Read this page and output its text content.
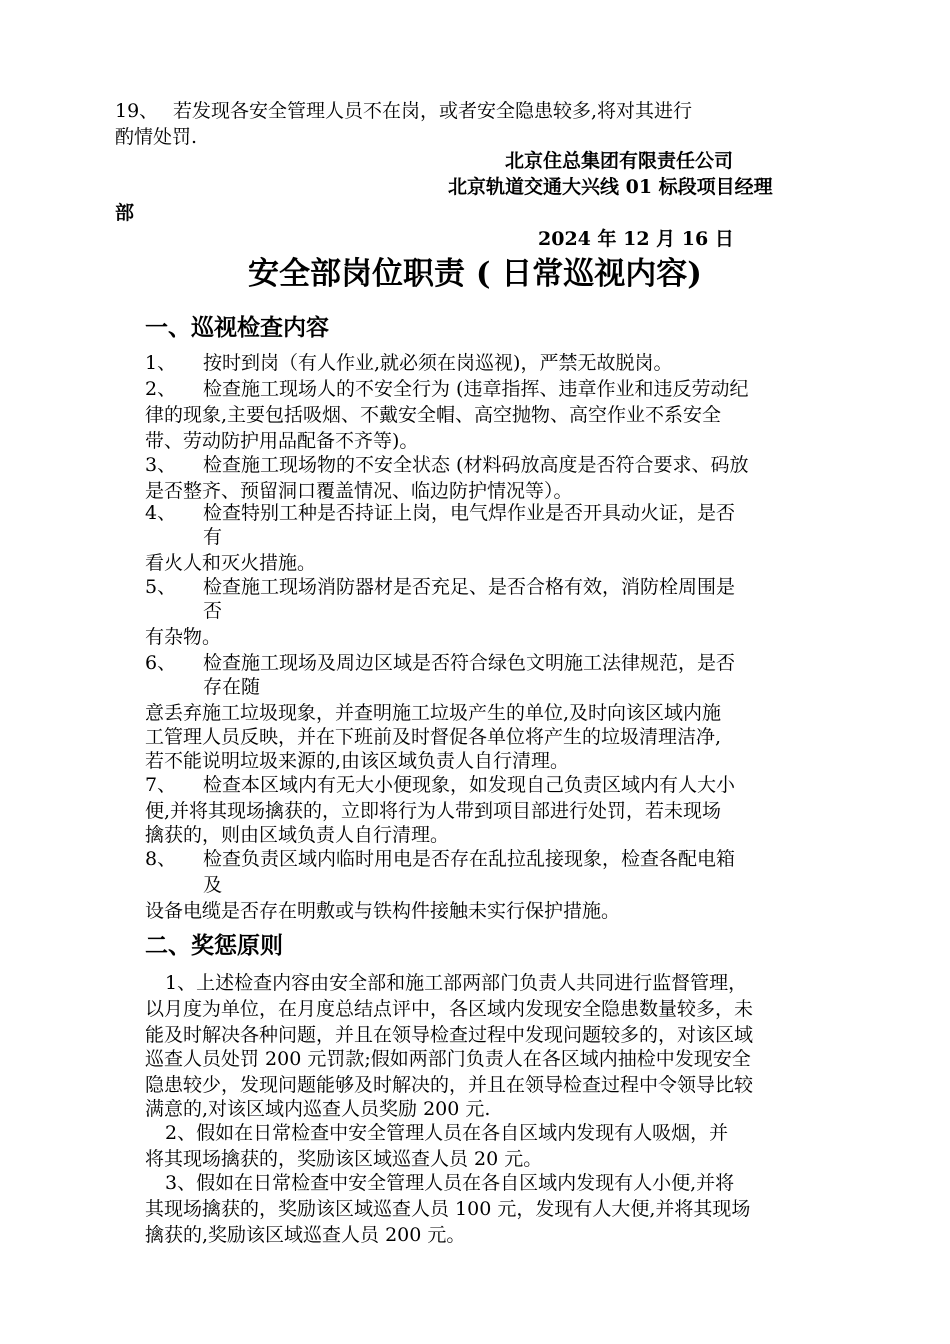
19、 若发现各安全管理人员不在岗，或者安全隐患较多,将对其进行
酌情处罚.
北京住总集团有限责任公司
北京轨道交通大兴线 01 标段项目经理
部
2024 年 12 月 16 日
安全部岗位职责 ( 日常巡视内容)
一、巡视检查内容
1、 按时到岗（有人作业,就必须在岗巡视)，严禁无故脱岗。
2、 检查施工现场人的不安全行为 (违章指挥、违章作业和违反劳动纪
律的现象,主要包括吸烟、不戴安全帽、高空抛物、高空作业不系安全
带、劳动防护用品配备不齐等)。
3、 检查施工现场物的不安全状态 (材料码放高度是否符合要求、码放
是否整齐、预留洞口覆盖情况、临边防护情况等）。
4、 检查特别工种是否持证上岗，电气焊作业是否开具动火证，是否
有
看火人和灭火措施。
5、 检查施工现场消防器材是否充足、是否合格有效，消防栓周围是
否
有杂物。
6、 检查施工现场及周边区域是否符合绿色文明施工法律规范，是否
存在随
意丢弃施工垃圾现象，并查明施工垃圾产生的单位,及时向该区域内施
工管理人员反映，并在下班前及时督促各单位将产生的垃圾清理洁净,
若不能说明垃圾来源的,由该区域负责人自行清理。
7、 检查本区域内有无大小便现象，如发现自己负责区域内有人大小
便,并将其现场擒获的，立即将行为人带到项目部进行处罚，若未现场
擒获的，则由区域负责人自行清理。
8、 检查负责区域内临时用电是否存在乱拉乱接现象，检查各配电箱
及
设备电缆是否存在明敷或与铁构件接触未实行保护措施。
二、奖惩原则
1、上述检查内容由安全部和施工部两部门负责人共同进行监督管理，
以月度为单位，在月度总结点评中，各区域内发现安全隐患数量较多，未
能及时解决各种问题，并且在领导检查过程中发现问题较多的，对该区域
巡查人员处罚 200 元罚款;假如两部门负责人在各区域内抽检中发现安全
隐患较少，发现问题能够及时解决的，并且在领导检查过程中令领导比较
满意的,对该区域内巡查人员奖励 200 元.
2、假如在日常检查中安全管理人员在各自区域内发现有人吸烟，并
将其现场擒获的，奖励该区域巡查人员 20 元。
3、假如在日常检查中安全管理人员在各自区域内发现有人小便,并将
其现场擒获的，奖励该区域巡查人员 100 元，发现有人大便,并将其现场
擒获的,奖励该区域巡查人员 200 元。
